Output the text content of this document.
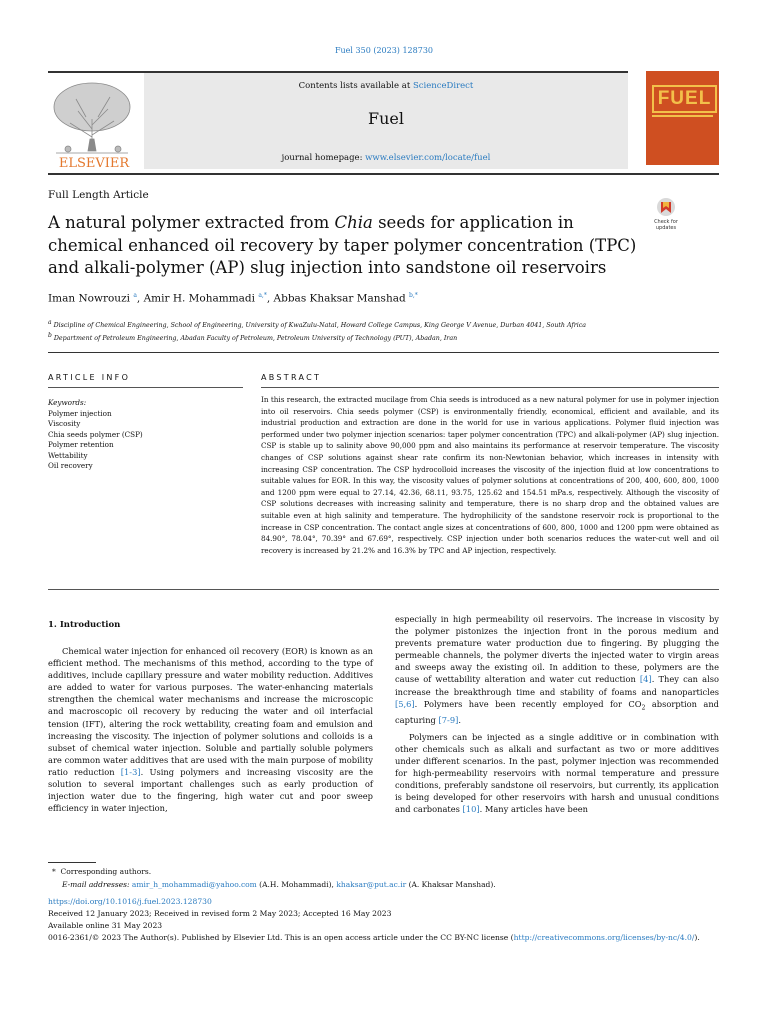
Fuel 350 (2023) 128730
ELSEVIER
Contents lists available at ScienceDirect
Fuel
journal homepage: www.elsevier.com/locate/fuel
FUEL
Full Length Article
A natural polymer extracted from Chia seeds for application in chemical enhanced oil recovery by taper polymer concentration (TPC) and alkali-polymer (AP) slug injection into sandstone oil reservoirs
Check for
updates
Iman Nowrouzi $^a$, Amir H. Mohammadi $^{a,*}$, Abbas Khaksar Manshad $^{b,*}$
a Discipline of Chemical Engineering, School of Engineering, University of KwaZulu-Natal, Howard College Campus, King George V Avenue, Durban 4041, South Africa
b Department of Petroleum Engineering, Abadan Faculty of Petroleum, Petroleum University of Technology (PUT), Abadan, Iran
ARTICLE INFO	ABSTRACT
Keywords:
Polymer injection
Viscosity
Chia seeds polymer (CSP)
Polymer retention
Wettability
Oil recovery
In this research, the extracted mucilage from Chia seeds is introduced as a new natural polymer for use in polymer injection into oil reservoirs. Chia seeds polymer (CSP) is environmentally friendly, economical, efficient and available, and its industrial production and extraction are done in the world for use in various applications. Polymer fluid injection was performed under two polymer injection scenarios: taper polymer concentration (TPC) and alkali-polymer (AP) slug injection. CSP is stable up to salinity above 90,000 ppm and also maintains its performance at reservoir temperature. The viscosity changes of CSP solutions against shear rate confirm its non-Newtonian behavior, which increases in intensity with increasing CSP concentration. The CSP hydrocolloid increases the viscosity of the injection fluid at low concentrations to suitable values for EOR. In this way, the viscosity values of polymer solutions at concentrations of 200, 400, 600, 800, 1000 and 1200 ppm were equal to 27.14, 42.36, 68.11, 93.75, 125.62 and 154.51 mPa.s, respectively. Although the viscosity of CSP solutions decreases with increasing salinity and temperature, there is no sharp drop and the obtained values are suitable even at high salinity and temperature. The hydrophilicity of the sandstone reservoir rock is proportional to the increase in CSP concentration. The contact angle sizes at concentrations of 600, 800, 1000 and 1200 ppm were obtained as 84.90°, 78.04°, 70.39° and 67.69°, respectively. CSP injection under both scenarios reduces the water-cut well and oil recovery is increased by 21.2% and 16.3% by TPC and AP injection, respectively.
1. Introduction

Chemical water injection for enhanced oil recovery (EOR) is known as an efficient method. The mechanisms of this method, according to the type of additives, include capillary pressure and water mobility reduction. Additives are added to water for various purposes. The water-enhancing materials strengthen the chemical water mechanisms and increase the microscopic and macroscopic oil recovery by reducing the water and oil interfacial tension (IFT), altering the rock wettability, creating foam and emulsion and increasing the viscosity. The injection of polymer solutions and colloids is a subset of chemical water injection. Soluble and partially soluble polymers are common water additives that are used with the main purpose of mobility ratio reduction [1-3]. Using polymers and increasing viscosity are the solution to several important challenges such as early production of injection water due to the fingering, high water cut and poor sweep efficiency in water injection,

especially in high permeability oil reservoirs. The increase in viscosity by the polymer pistonizes the injection front in the porous medium and prevents premature water production due to fingering. By plugging the permeable channels, the polymer diverts the injected water to virgin areas and sweeps away the existing oil. In addition to these, polymers are the cause of wettability alteration and water cut reduction [4]. They can also increase the breakthrough time and stability of foams and nanoparticles [5,6]. Polymers have been recently employed for $CO_2$ absorption and capturing [7-9].

Polymers can be injected as a single additive or in combination with other chemicals such as alkali and surfactant as two or more additives under different scenarios. In the past, polymer injection was recommended for high-permeability reservoirs with normal temperature and pressure conditions, preferably sandstone oil reservoirs, but currently, its application is being developed for other reservoirs with harsh and unusual conditions and carbonates [10]. Many articles have been

* Corresponding authors.
E-mail addresses: amir_h_mohammadi@yahoo.com (A.H. Mohammadi), khaksar@put.ac.ir (A. Khaksar Manshad).
https://doi.org/10.1016/j.fuel.2023.128730
Received 12 January 2023; Received in revised form 2 May 2023; Accepted 16 May 2023
Available online 31 May 2023
0016-2361/© 2023 The Author(s). Published by Elsevier Ltd. This is an open access article under the CC BY-NC license (http://creativecommons.org/licenses/by-nc/4.0/).
